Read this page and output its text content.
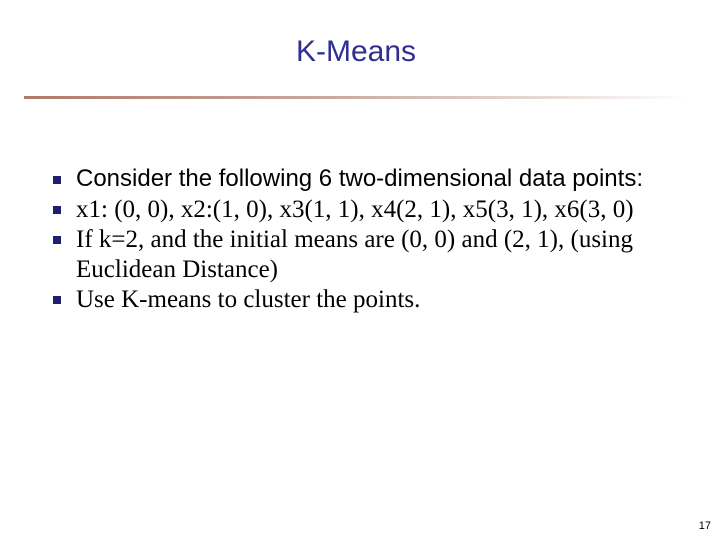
K-Means
Consider the following 6 two-dimensional data points:
x1: (0, 0), x2:(1, 0), x3(1, 1), x4(2, 1), x5(3, 1), x6(3, 0)
If k=2, and the initial means are (0, 0) and (2, 1), (using Euclidean Distance)
Use K-means to cluster the points.
17
